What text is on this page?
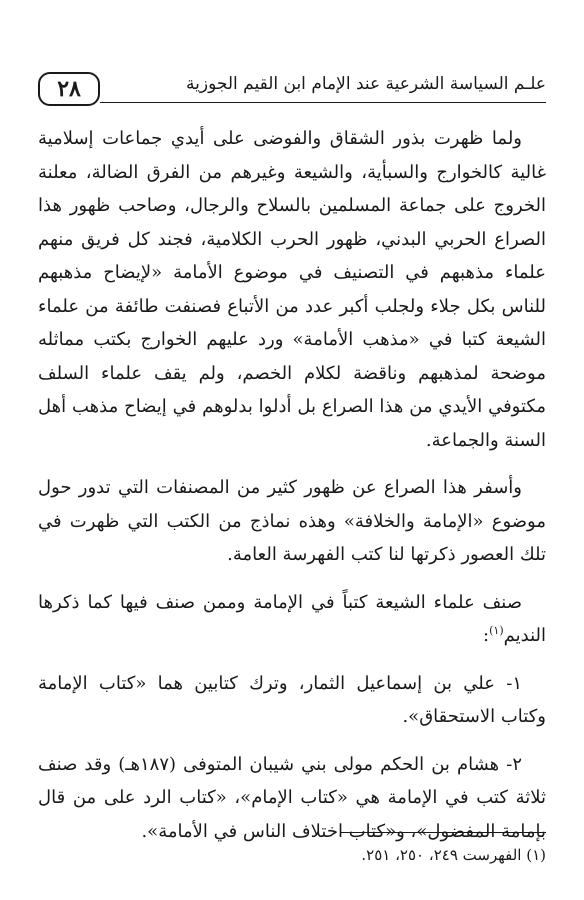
علـم السياسة الشرعية عند الإمام ابن القيم الجوزية
٢٨

ولما ظهرت بذور الشقاق والفوضى على أيدي جماعات إسلامية غالية كالخوارج والسبأية، والشيعة وغيرهم من الفرق الضالة، معلنة الخروج على جماعة المسلمين بالسلاح والرجال، وصاحب ظهور هذا الصراع الحربي البدني، ظهور الحرب الكلامية، فجند كل فريق منهم علماء مذهبهم في التصنيف في موضوع الأمامة «لإيضاح مذهبهم للناس بكل جلاء ولجلب أكبر عدد من الأتباع فصنفت طائفة من علماء الشيعة كتبا في «مذهب الأمامة» ورد عليهم الخوارج بكتب مماثله موضحة لمذهبهم وناقضة لكلام الخصم، ولم يقف علماء السلف مكتوفي الأيدي من هذا الصراع بل أدلوا بدلوهم في إيضاح مذهب أهل السنة والجماعة.

وأسفر هذا الصراع عن ظهور كثير من المصنفات التي تدور حول موضوع «الإمامة والخلافة» وهذه نماذج من الكتب التي ظهرت في تلك العصور ذكرتها لنا كتب الفهرسة العامة.

صنف علماء الشيعة كتباً في الإمامة وممن صنف فيها كما ذكرها النديم$^{(١)}$:

١- علي بن إسماعيل الثمار، وترك كتابين هما «كتاب الإمامة وكتاب الاستحقاق».

٢- هشام بن الحكم مولى بني شيبان المتوفى (١٨٧هـ) وقد صنف ثلاثة كتب في الإمامة هي «كتاب الإمام»، «كتاب الرد على من قال بإمامة المفضول»، و«كتاب اختلاف الناس في الأمامة».

(١) الفهرست ٢٤٩، ٢٥٠، ٢٥١.
